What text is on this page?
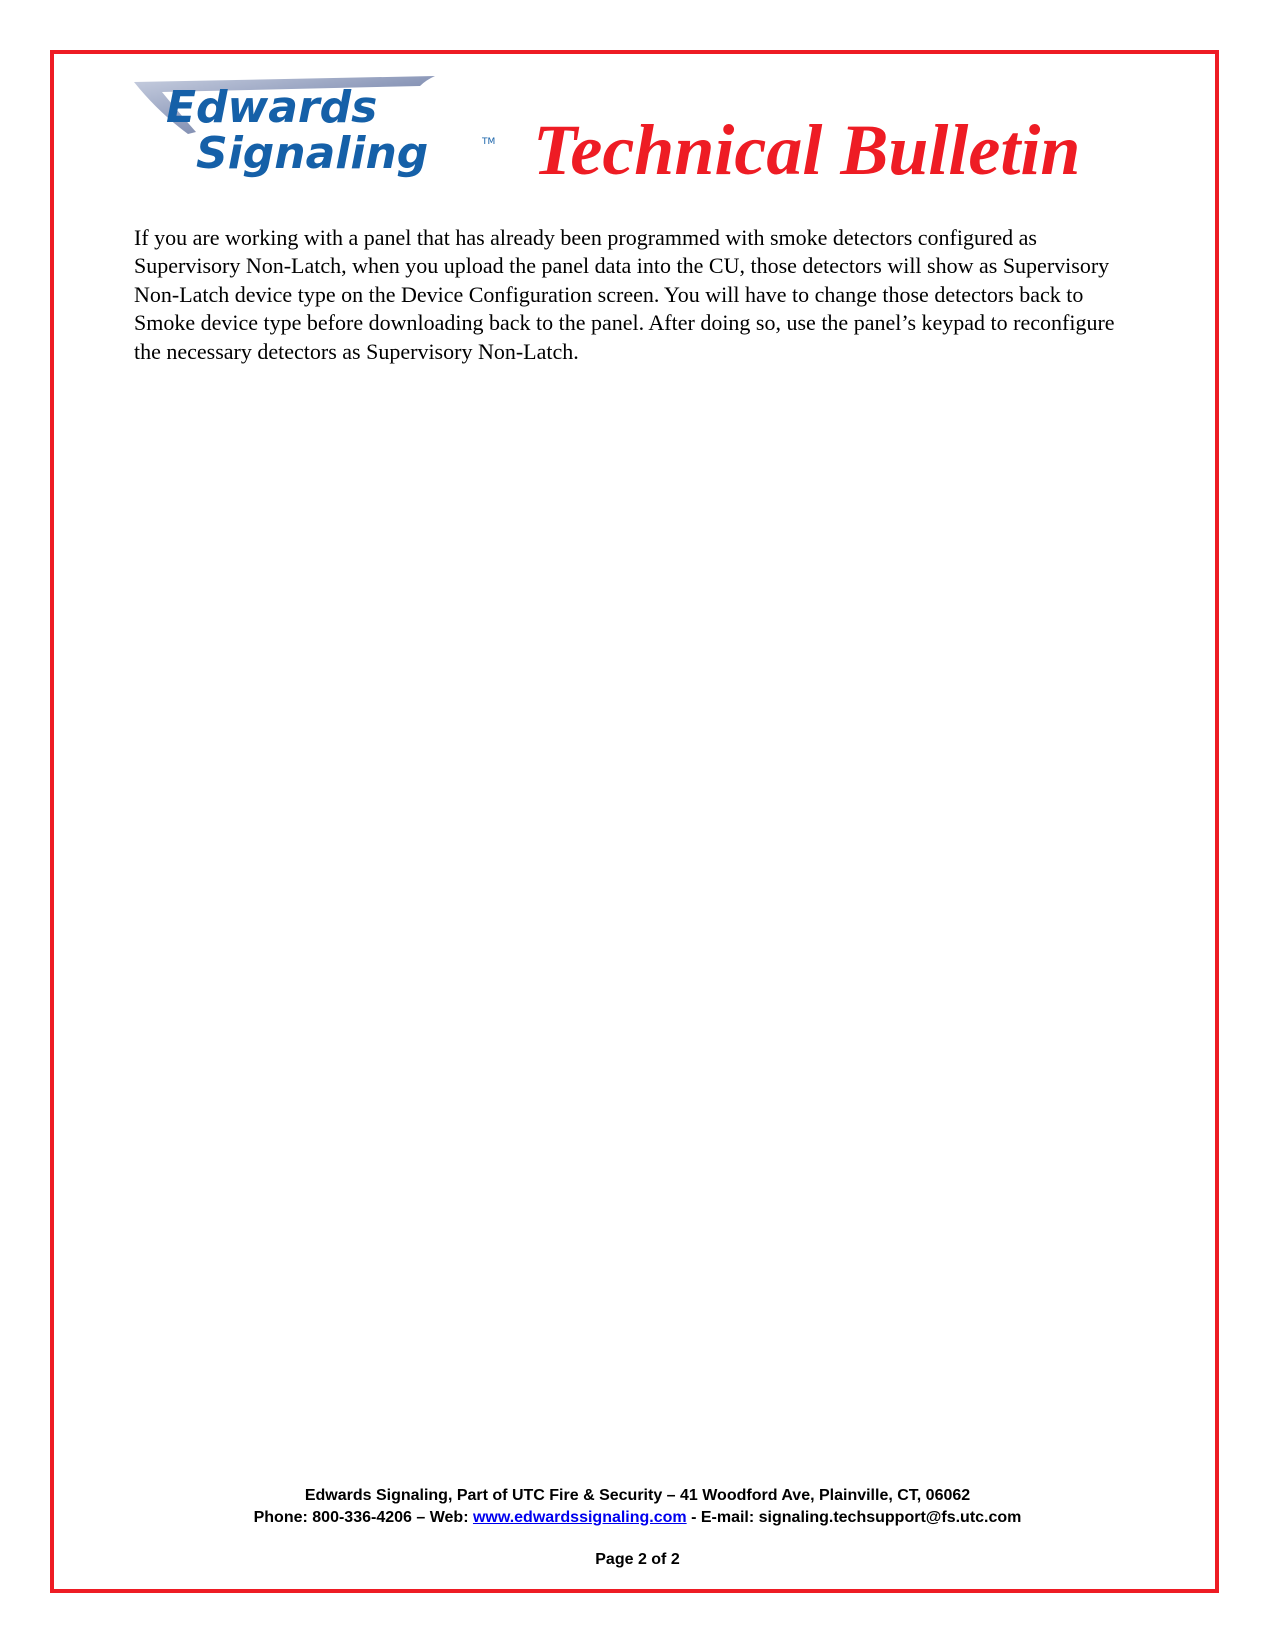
Edwards
Signaling	TM Technical Bulletin

If you are working with a panel that has already been programmed with smoke detectors configured as Supervisory Non-Latch, when you upload the panel data into the CU, those detectors will show as Supervisory Non-Latch device type on the Device Configuration screen. You will have to change those detectors back to Smoke device type before downloading back to the panel. After doing so, use the panel’s keypad to reconfigure the necessary detectors as Supervisory Non-Latch.

Edwards Signaling, Part of UTC Fire & Security – 41 Woodford Ave, Plainville, CT, 06062
Phone: 800-336-4206 – Web: www.edwardssignaling.com - E-mail: signaling.techsupport@fs.utc.com
Page 2 of 2
